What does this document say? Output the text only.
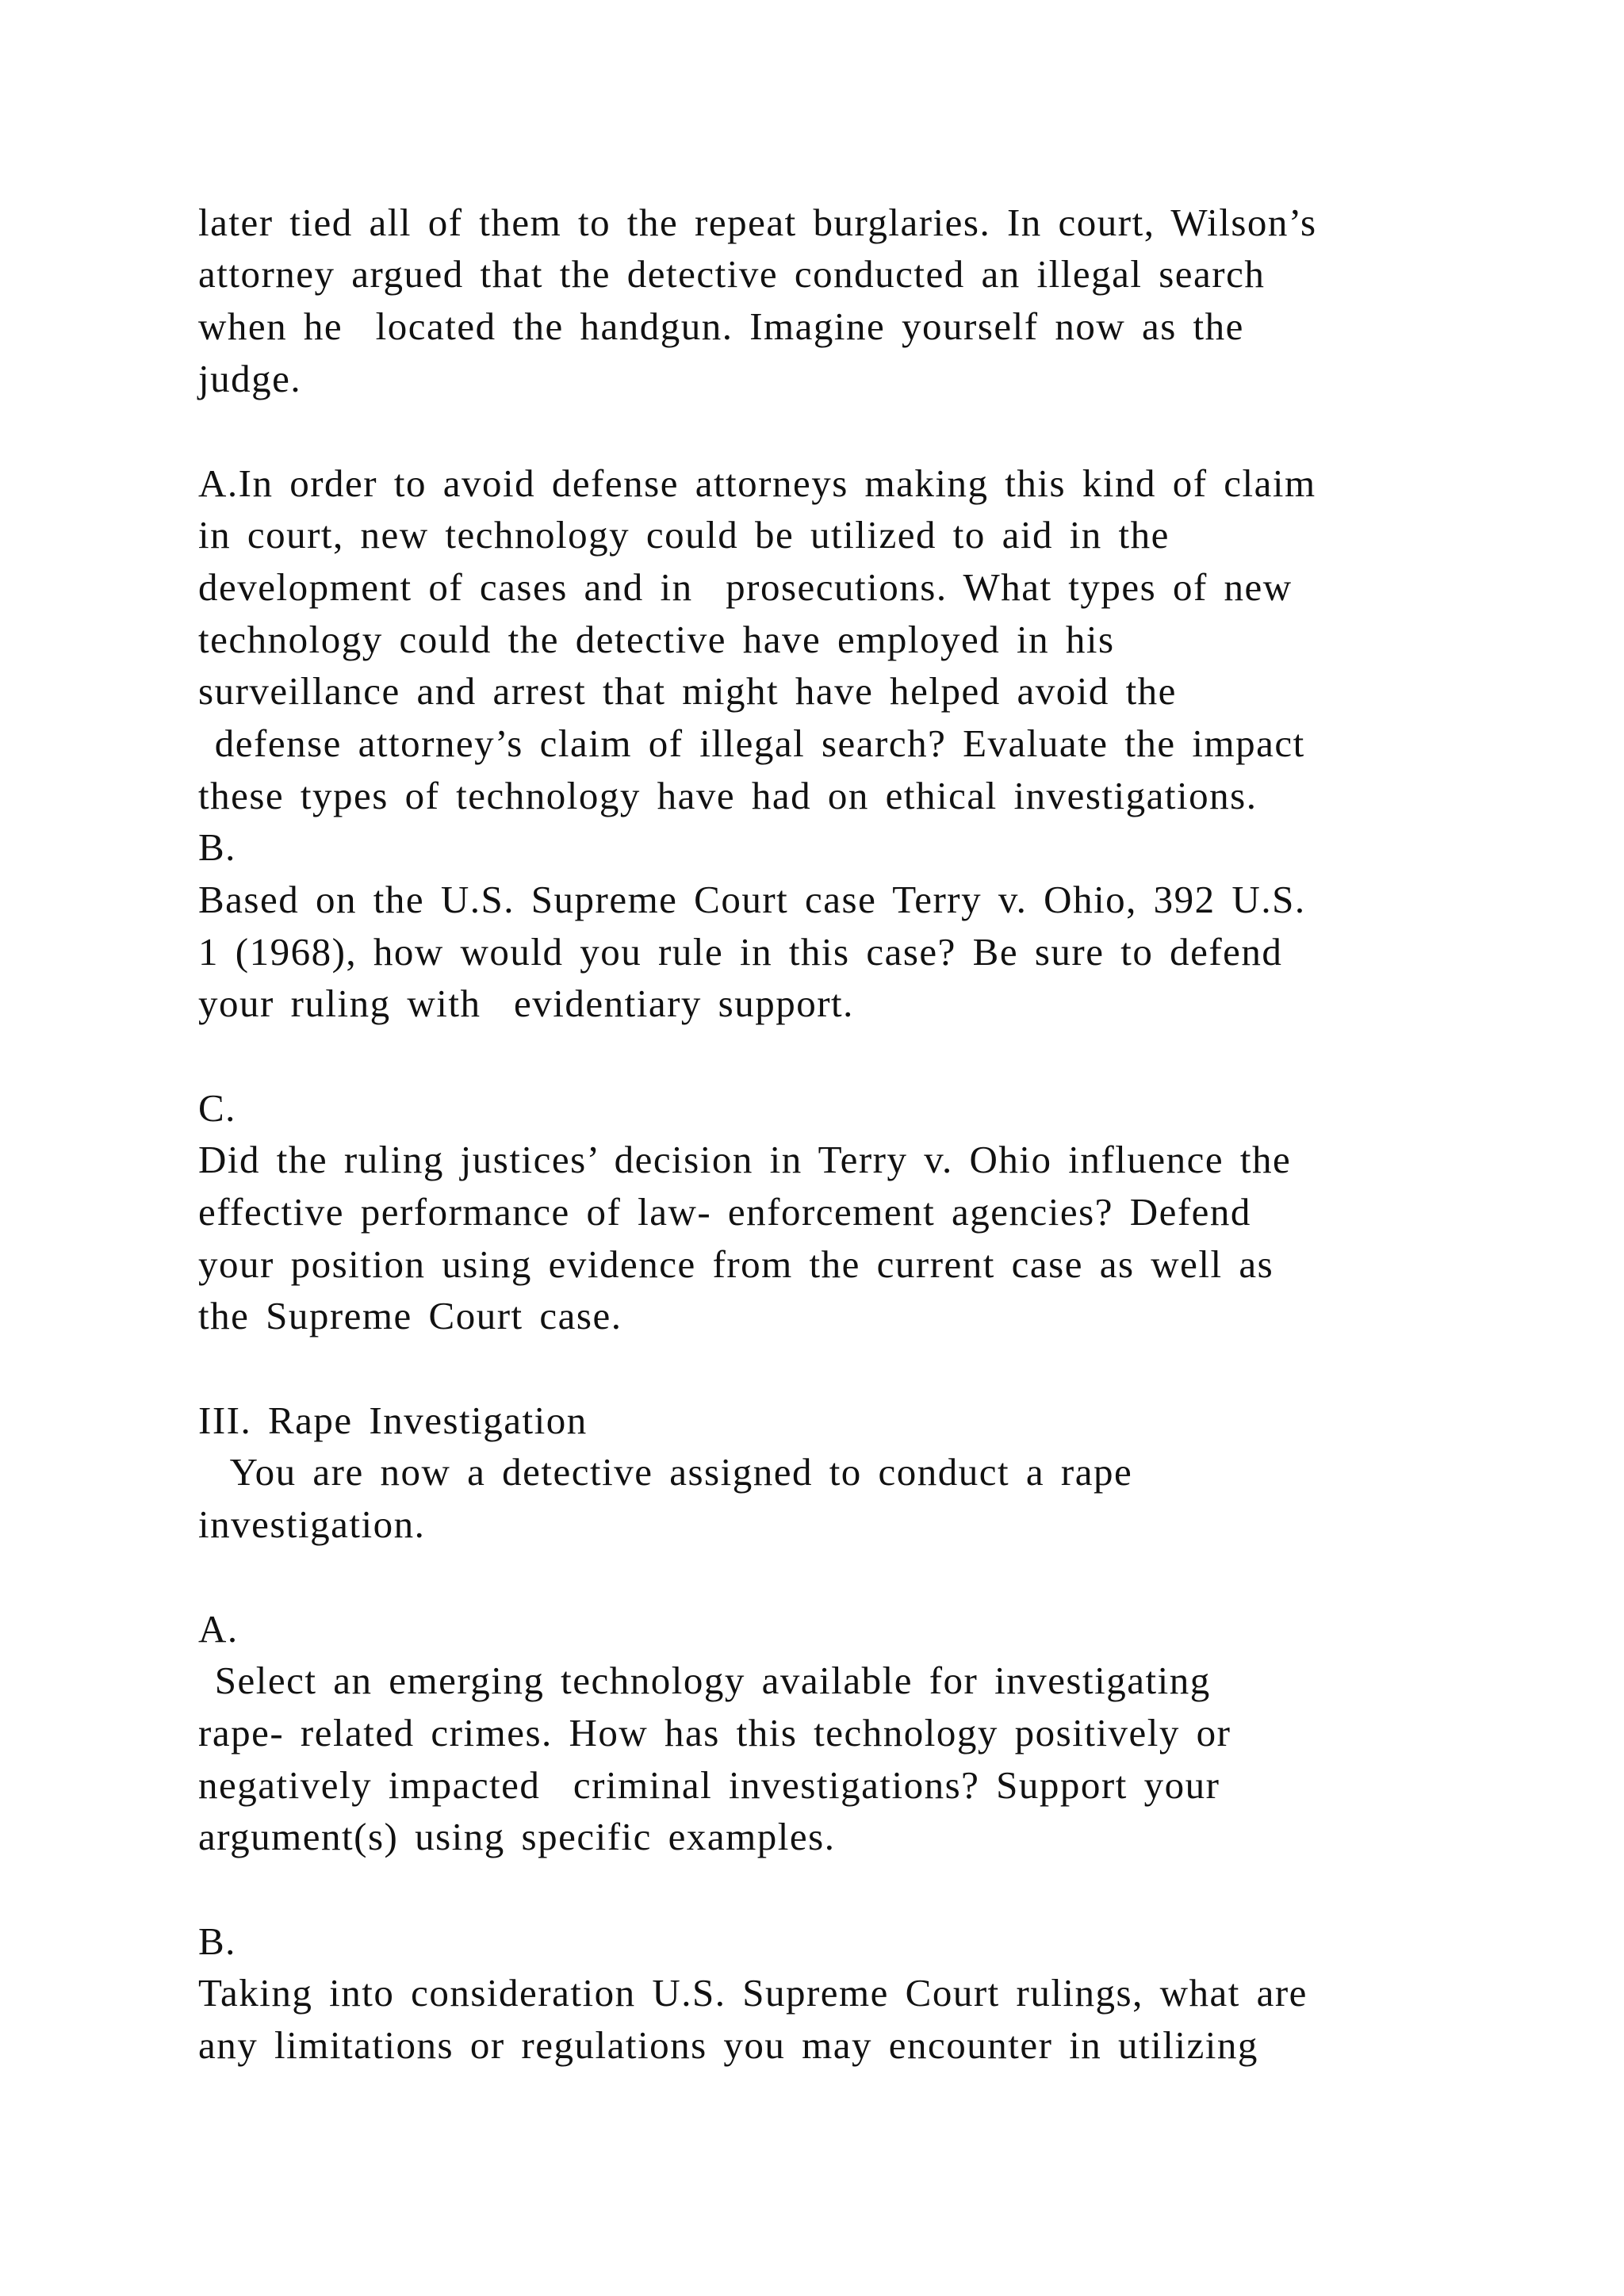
later tied all of them to the repeat burglaries. In court, Wilson’s
attorney argued that the detective conducted an illegal search
when he  located the handgun. Imagine yourself now as the
judge.
A.In order to avoid defense attorneys making this kind of claim
in court, new technology could be utilized to aid in the
development of cases and in  prosecutions. What types of new
technology could the detective have employed in his
surveillance and arrest that might have helped avoid the
defense attorney’s claim of illegal search? Evaluate the impact
these types of technology have had on ethical investigations.
B.
Based on the U.S. Supreme Court case Terry v. Ohio, 392 U.S.
1 (1968), how would you rule in this case? Be sure to defend
your ruling with  evidentiary support.
C.
Did the ruling justices’ decision in Terry v. Ohio influence the
effective performance of law- enforcement agencies? Defend
your position using evidence from the current case as well as
the Supreme Court case.
III. Rape Investigation
You are now a detective assigned to conduct a rape
investigation.
A.
Select an emerging technology available for investigating
rape- related crimes. How has this technology positively or
negatively impacted  criminal investigations? Support your
argument(s) using specific examples.
B.
Taking into consideration U.S. Supreme Court rulings, what are
any limitations or regulations you may encounter in utilizing
